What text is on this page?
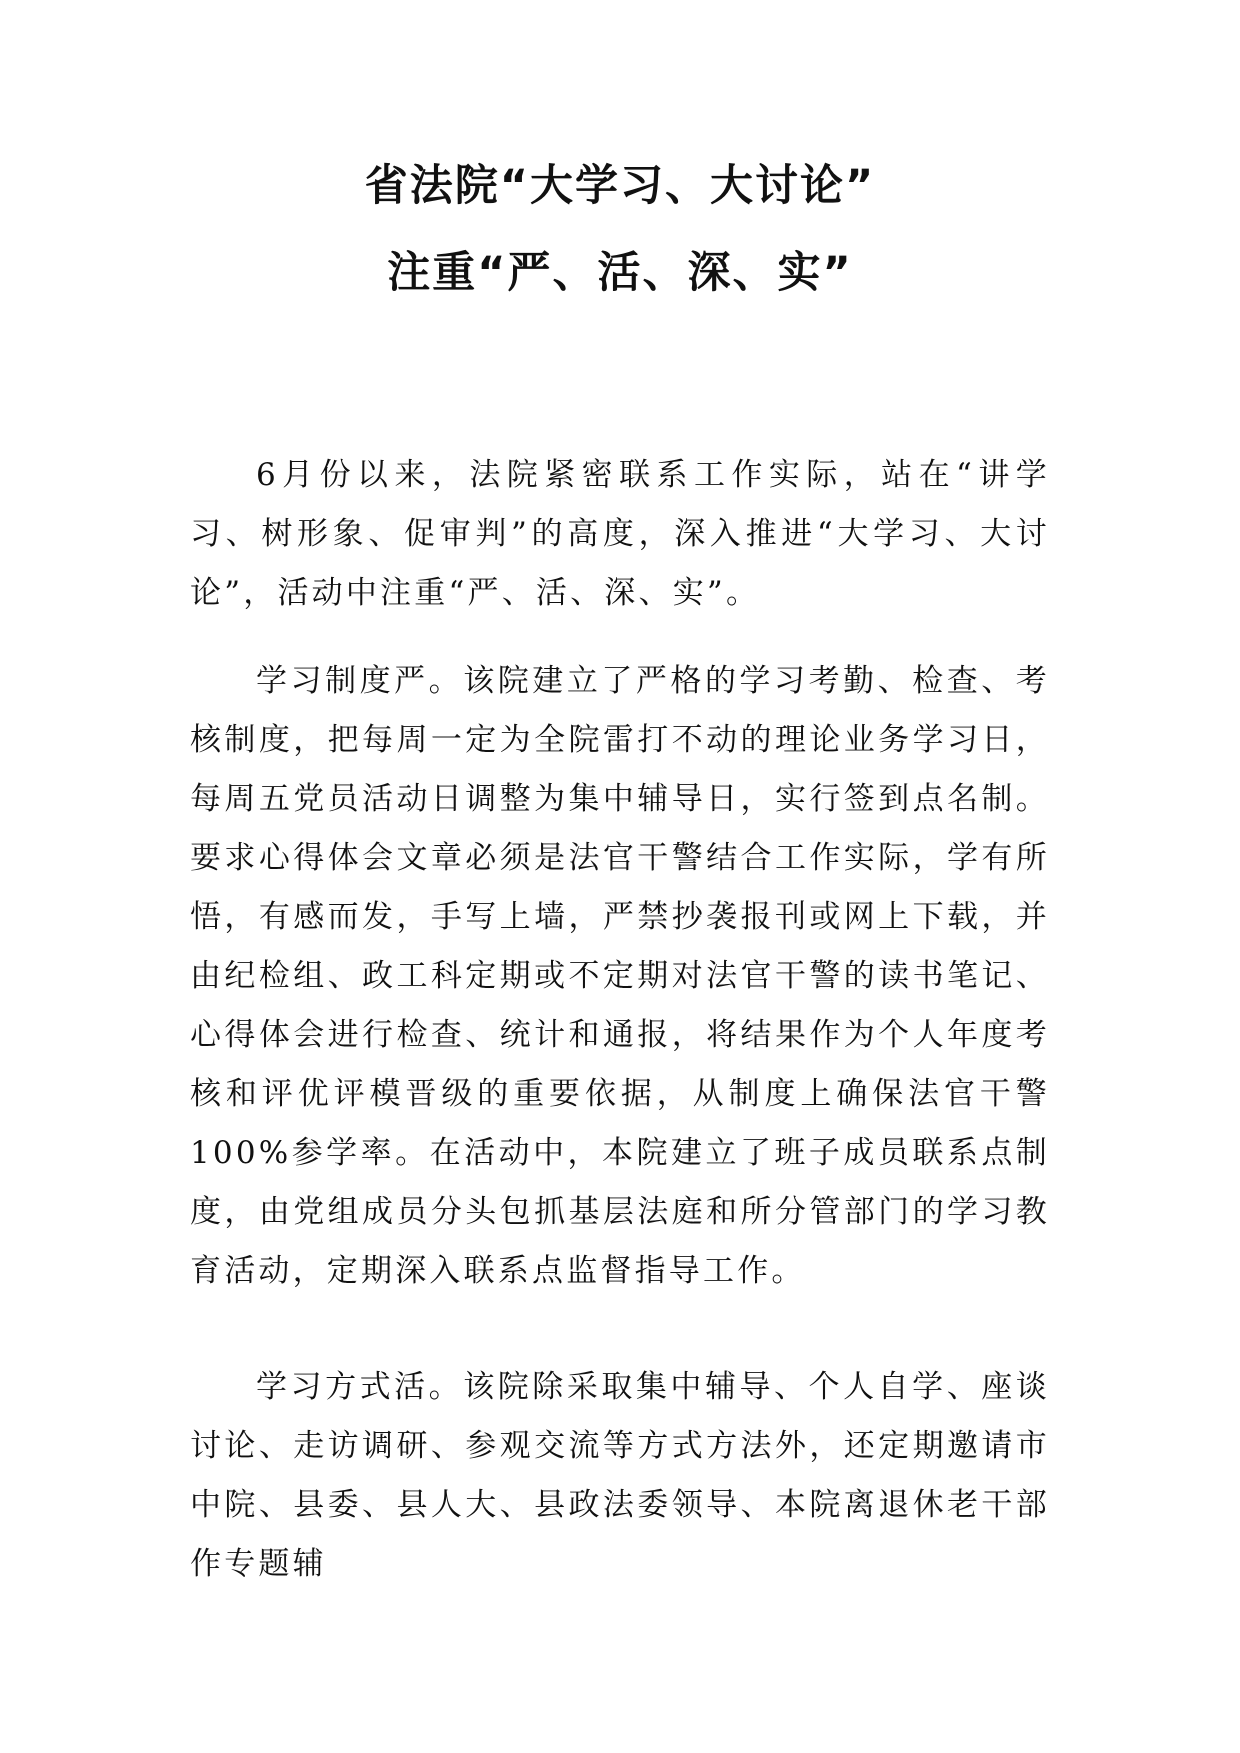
省法院“大学习、大讨论”
注重“严、活、深、实”

6月份以来，法院紧密联系工作实际，站在“讲学习、树形象、促审判”的高度，深入推进“大学习、大讨论”，活动中注重“严、活、深、实”。

学习制度严。该院建立了严格的学习考勤、检查、考核制度，把每周一定为全院雷打不动的理论业务学习日，每周五党员活动日调整为集中辅导日，实行签到点名制。要求心得体会文章必须是法官干警结合工作实际，学有所悟，有感而发，手写上墙，严禁抄袭报刊或网上下载，并由纪检组、政工科定期或不定期对法官干警的读书笔记、心得体会进行检查、统计和通报，将结果作为个人年度考核和评优评模晋级的重要依据，从制度上确保法官干警100%参学率。在活动中，本院建立了班子成员联系点制度，由党组成员分头包抓基层法庭和所分管部门的学习教育活动，定期深入联系点监督指导工作。

学习方式活。该院除采取集中辅导、个人自学、座谈讨论、走访调研、参观交流等方式方法外，还定期邀请市中院、县委、县人大、县政法委领导、本院离退休老干部作专题辅
